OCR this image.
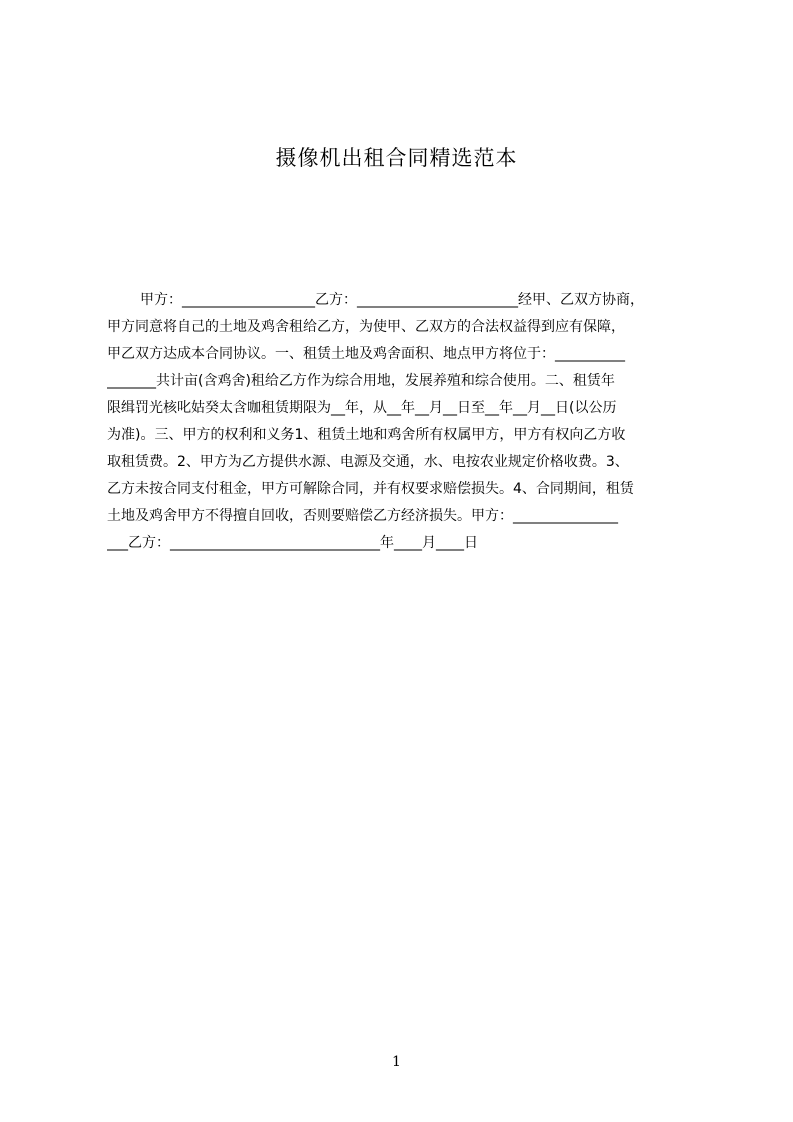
摄像机出租合同精选范本
甲方：___________________乙方：_______________________经甲、乙双方协商，
甲方同意将自己的土地及鸡舍租给乙方，为使甲、乙双方的合法权益得到应有保障，
甲乙双方达成本合同协议。一、租赁土地及鸡舍面积、地点甲方将位于：__________
_______共计亩(含鸡舍)租给乙方作为综合用地，发展养殖和综合使用。二、租赁年
限缉罚光核叱姑癸太含咖租赁期限为__年，从__年__月__日至__年__月__日(以公历
为准)。三、甲方的权利和义务1、租赁土地和鸡舍所有权属甲方，甲方有权向乙方收
取租赁费。2、甲方为乙方提供水源、电源及交通，水、电按农业规定价格收费。3、
乙方未按合同支付租金，甲方可解除合同，并有权要求赔偿损失。4、合同期间，租赁
土地及鸡舍甲方不得擅自回收，否则要赔偿乙方经济损失。甲方：_______________
___乙方：______________________________年____月____日
1
